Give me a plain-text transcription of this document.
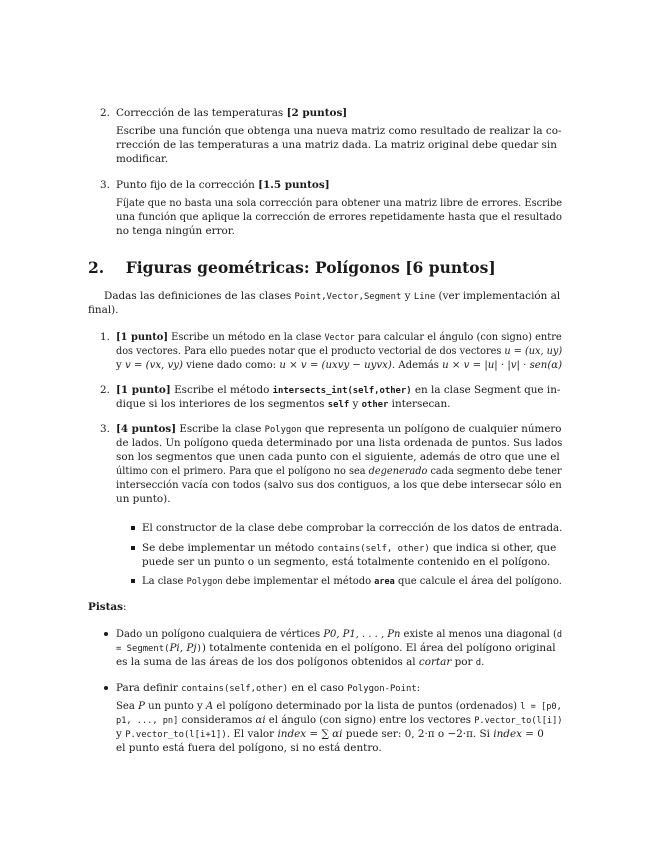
2. Corrección de las temperaturas [2 puntos]
Escribe una función que obtenga una nueva matriz como resultado de realizar la co-
rrección de las temperaturas a una matriz dada. La matriz original debe quedar sin
modificar.
3. Punto fijo de la corrección [1.5 puntos]
Fíjate que no basta una sola corrección para obtener una matriz libre de errores. Escribe
una función que aplique la corrección de errores repetidamente hasta que el resultado
no tenga ningún error.
2. Figuras geométricas: Polígonos [6 puntos]
Dadas las definiciones de las clases Point,Vector,Segment y Line (ver implementación al
final).
1. [1 punto] Escribe un método en la clase Vector para calcular el ángulo (con signo) entre
dos vectores. Para ello puedes notar que el producto vectorial de dos vectores u = (ux, uy)
y v = (vx, vy) viene dado como: u × v = (uxvy − uyvx). Además u × v = |u| · |v| · sen(α)
2. [1 punto] Escribe el método intersects_int(self,other) en la clase Segment que in-
dique si los interiores de los segmentos self y other intersecan.
3. [4 puntos] Escribe la clase Polygon que representa un polígono de cualquier número
de lados. Un polígono queda determinado por una lista ordenada de puntos. Sus lados
son los segmentos que unen cada punto con el siguiente, además de otro que une el
último con el primero. Para que el polígono no sea degenerado cada segmento debe tener
intersección vacía con todos (salvo sus dos contiguos, a los que debe intersecar sólo en
un punto).
El constructor de la clase debe comprobar la corrección de los datos de entrada.
Se debe implementar un método contains(self, other) que indica si other, que
puede ser un punto o un segmento, está totalmente contenido en el polígono.
La clase Polygon debe implementar el método area que calcule el área del polígono.
Pistas:
Dado un polígono cualquiera de vértices P0, P1, . . . , Pn existe al menos una diagonal (d
= Segment(Pi, Pj)) totalmente contenida en el polígono. El área del polígono original
es la suma de las áreas de los dos polígonos obtenidos al cortar por d.
Para definir contains(self,other) en el caso Polygon-Point:
Sea P un punto y A el polígono determinado por la lista de puntos (ordenados) l = [p0,
p1, ..., pn] consideramos αi el ángulo (con signo) entre los vectores P.vector_to(l[i])
y P.vector_to(l[i+1]). El valor index = ∑ αi puede ser: 0, 2·π o −2·π. Si index = 0
el punto está fuera del polígono, si no está dentro.
